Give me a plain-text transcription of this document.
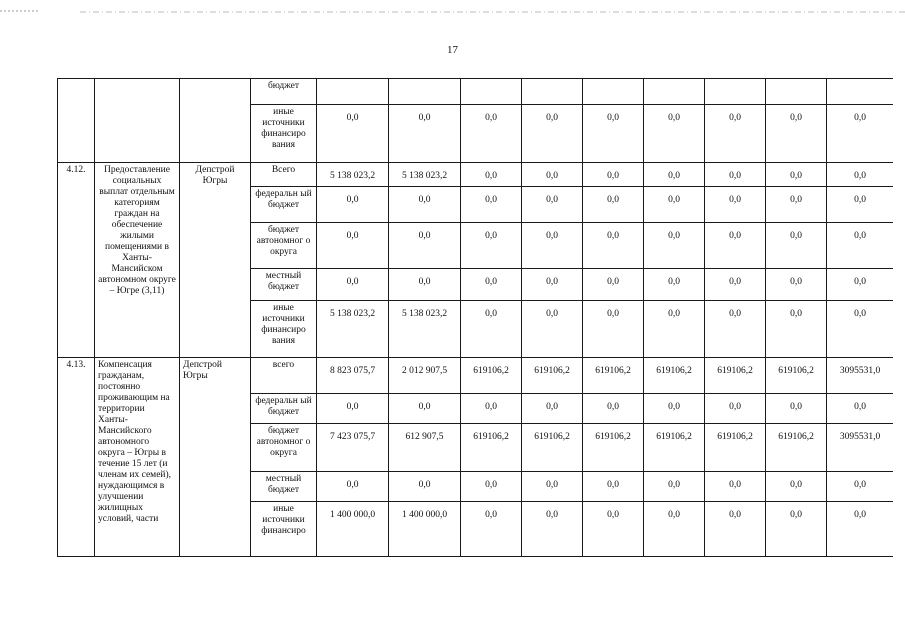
17
			бюджет									
			иные источники финансиро вания	0,0	0,0	0,0	0,0	0,0	0,0	0,0	0,0	0,0
4.12.	Предоставление социальных выплат отдельным категориям граждан на обеспечение жилыми помещениями в Ханты-Мансийском автономном округе – Югре (3,11)	Депстрой Югры	Всего	5 138 023,2	5 138 023,2	0,0	0,0	0,0	0,0	0,0	0,0	0,0
			федеральн ый бюджет	0,0	0,0	0,0	0,0	0,0	0,0	0,0	0,0	0,0
			бюджет автономног о округа	0,0	0,0	0,0	0,0	0,0	0,0	0,0	0,0	0,0
			местный бюджет	0,0	0,0	0,0	0,0	0,0	0,0	0,0	0,0	0,0
			иные источники финансиро вания	5 138 023,2	5 138 023,2	0,0	0,0	0,0	0,0	0,0	0,0	0,0
4.13.	Компенсация гражданам, постоянно проживающим на территории Ханты-Мансийского автономного округа – Югры в течение 15 лет (и членам их семей), нуждающимся в улучшении жилищных условий, части	Депстрой Югры	всего	8 823 075,7	2 012 907,5	619106,2	619106,2	619106,2	619106,2	619106,2	619106,2	3095531,0
			федеральн ый бюджет	0,0	0,0	0,0	0,0	0,0	0,0	0,0	0,0	0,0
			бюджет автономног о округа	7 423 075,7	612 907,5	619106,2	619106,2	619106,2	619106,2	619106,2	619106,2	3095531,0
			местный бюджет	0,0	0,0	0,0	0,0	0,0	0,0	0,0	0,0	0,0
			иные источники финансиро	1 400 000,0	1 400 000,0	0,0	0,0	0,0	0,0	0,0	0,0	0,0
